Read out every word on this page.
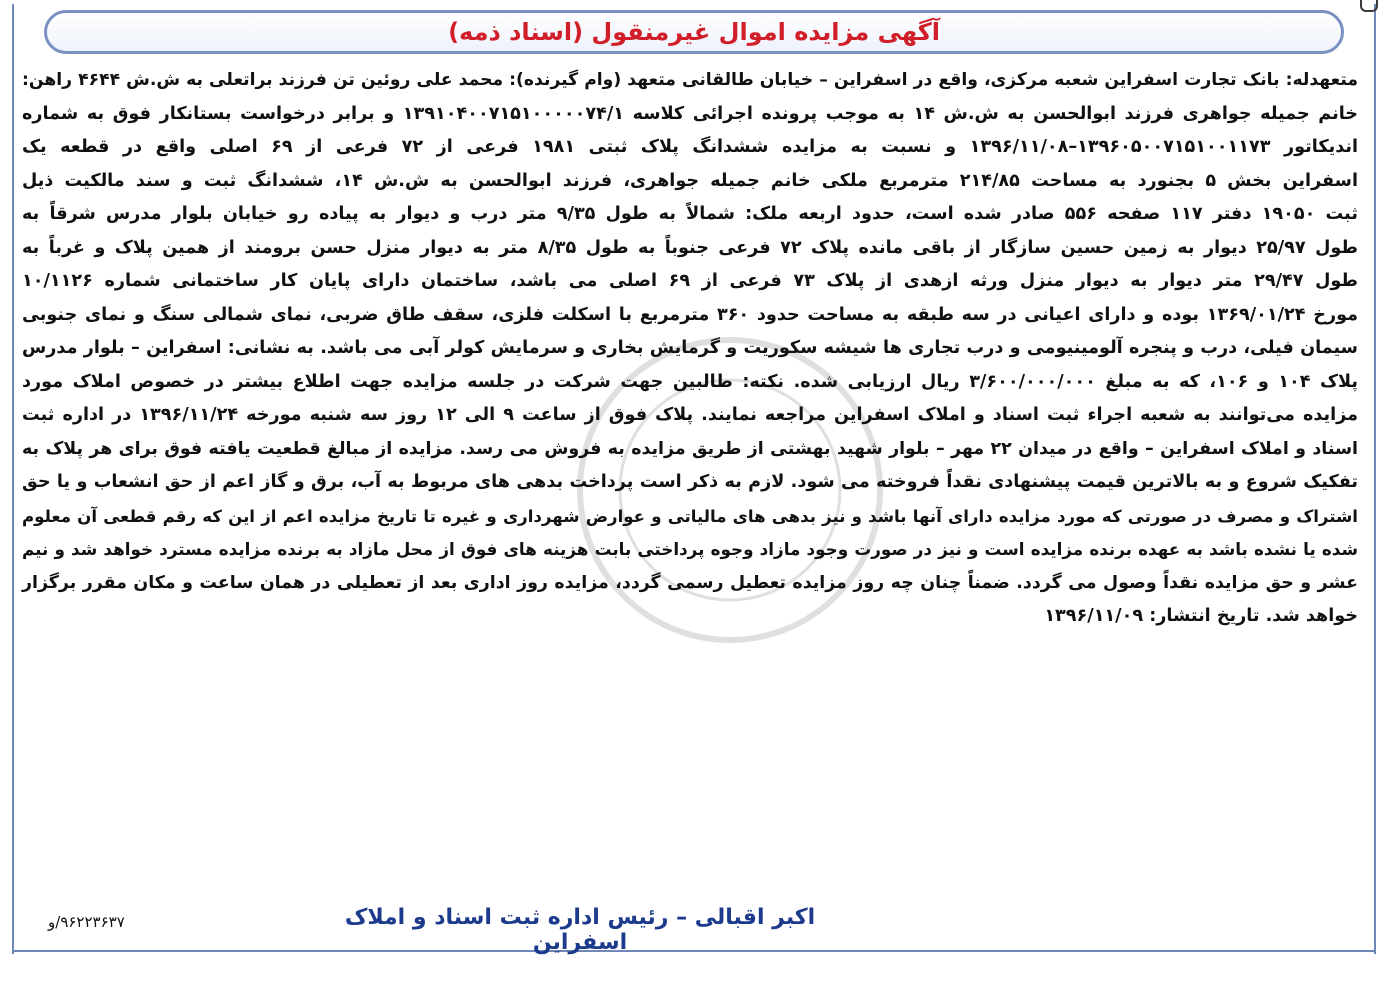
آگهی مزایده اموال غیرمنقول (اسناد ذمه)
متعهدله: بانک تجارت اسفراین شعبه مرکزی، واقع در اسفراین – خیابان طالقانی متعهد (وام گیرنده): محمد علی روئین تن فرزند براتعلی به ش.ش ۴۶۴۴ راهن:
خانم جمیله جواهری فرزند ابوالحسن به ش.ش ۱۴ به موجب پرونده اجرائی کلاسه ۱۳۹۱۰۴۰۰۷۱۵۱۰۰۰۰۰۷۴/۱ و برابر درخواست بستانکار فوق به شماره
اندیکاتور ۱۳۹۶۰۵۰۰۷۱۵۱۰۰۱۱۷۳–۱۳۹۶/۱۱/۰۸ و نسبت به مزایده ششدانگ پلاک ثبتی ۱۹۸۱ فرعی از ۷۲ فرعی از ۶۹ اصلی واقع در قطعه یک
اسفراین بخش ۵ بجنورد به مساحت ۲۱۴/۸۵ مترمربع ملکی خانم جمیله جواهری، فرزند ابوالحسن به ش.ش ۱۴، ششدانگ ثبت و سند مالکیت ذیل
ثبت ۱۹۰۵۰ دفتر ۱۱۷ صفحه ۵۵۶ صادر شده است، حدود اربعه ملک: شمالاً به طول ۹/۳۵ متر درب و دیوار به پیاده رو خیابان بلوار مدرس شرقاً به
طول ۲۵/۹۷ دیوار به زمین حسین سازگار از باقی مانده پلاک ۷۲ فرعی جنوباً به طول ۸/۳۵ متر به دیوار منزل حسن برومند از همین پلاک و غرباً به
طول ۲۹/۴۷ متر دیوار به دیوار منزل ورثه ازهدی از پلاک ۷۳ فرعی از ۶۹ اصلی می باشد، ساختمان دارای پایان کار ساختمانی شماره ۱۰/۱۱۲۶
مورخ ۱۳۶۹/۰۱/۲۴ بوده و دارای اعیانی در سه طبقه به مساحت حدود ۳۶۰ مترمربع با اسکلت فلزی، سقف طاق ضربی، نمای شمالی سنگ و نمای جنوبی
سیمان فیلی، درب و پنجره آلومینیومی و درب تجاری ها شیشه سکوریت و گرمایش بخاری و سرمایش کولر آبی می باشد. به نشانی: اسفراین – بلوار مدرس
پلاک ۱۰۴ و ۱۰۶، که به مبلغ ۳/۶۰۰/۰۰۰/۰۰۰ ریال ارزیابی شده. نکته: طالبین جهت شرکت در جلسه مزایده جهت اطلاع بیشتر در خصوص املاک مورد
مزایده می‌توانند به شعبه اجراء ثبت اسناد و املاک اسفراین مراجعه نمایند. پلاک فوق از ساعت ۹ الی ۱۲ روز سه شنبه مورخه ۱۳۹۶/۱۱/۲۴ در اداره ثبت
اسناد و املاک اسفراین – واقع در میدان ۲۲ مهر – بلوار شهید بهشتی از طریق مزایده به فروش می رسد. مزایده از مبالغ قطعیت یافته فوق برای هر پلاک به
تفکیک شروع و به بالاترین قیمت پیشنهادی نقداً فروخته می شود. لازم به ذکر است پرداخت بدهی های مربوط به آب، برق و گاز اعم از حق انشعاب و یا حق
اشتراک و مصرف در صورتی که مورد مزایده دارای آنها باشد و نیز بدهی های مالیاتی و عوارض شهرداری و غیره تا تاریخ مزایده اعم از این که رقم قطعی آن معلوم
شده یا نشده باشد به عهده برنده مزایده است و نیز در صورت وجود مازاد وجوه پرداختی بابت هزینه های فوق از محل مازاد به برنده مزایده مسترد خواهد شد و نیم
عشر و حق مزایده نقداً وصول می گردد. ضمناً چنان چه روز مزایده تعطیل رسمی گردد، مزایده روز اداری بعد از تعطیلی در همان ساعت و مکان مقرر برگزار
خواهد شد. تاریخ انتشار: ۱۳۹۶/۱۱/۰۹
اکبر اقبالی – رئیس اداره ثبت اسناد و املاک اسفراین
۹۶۲۲۳۶۳۷/و
